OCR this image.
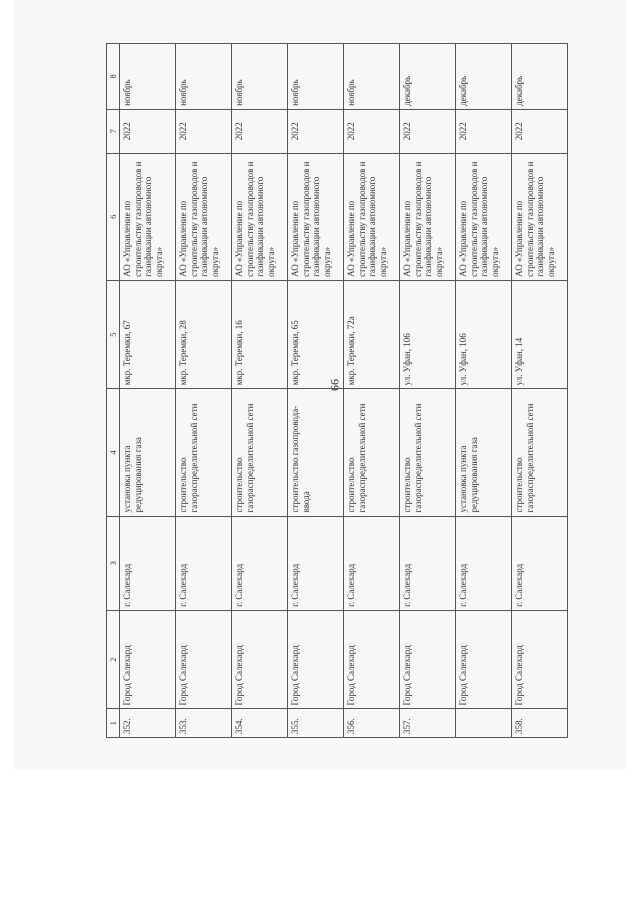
66
1	2	3	4	5	6	7	8
352.	Город Салехард	г. Салехард	установка пункта редуцирования газа	мкр. Теремки, 67	АО «Управление по строительству газопроводов и газификации автономного округа»	2022	ноябрь
353.	Город Салехард	г. Салехард	строительство газораспределительной сети	мкр. Теремки, 28	АО «Управление по строительству газопроводов и газификации автономного округа»	2022	ноябрь
354.	Город Салехард	г. Салехард	строительство газораспределительной сети	мкр. Теремки, 16	АО «Управление по строительству газопроводов и газификации автономного округа»	2022	ноябрь
355.	Город Салехард	г. Салехард	строительство газопровода-ввода	мкр. Теремки, 65	АО «Управление по строительству газопроводов и газификации автономного округа»	2022	ноябрь
356.	Город Салехард	г. Салехард	строительство газораспределительной сети	мкр. Теремки, 72а	АО «Управление по строительству газопроводов и газификации автономного округа»	2022	ноябрь
357.	Город Салехард	г. Салехард	строительство газораспределительной сети	ул. Уфан, 106	АО «Управление по строительству газопроводов и газификации автономного округа»	2022	декабрь
	Город Салехард	г. Салехард	установка пункта редуцирования газа	ул. Уфан, 106	АО «Управление по строительству газопроводов и газификации автономного округа»	2022	декабрь
358.	Город Салехард	г. Салехард	строительство газораспределительной сети	ул. Уфан, 14	АО «Управление по строительству газопроводов и газификации автономного округа»	2022	декабрь
